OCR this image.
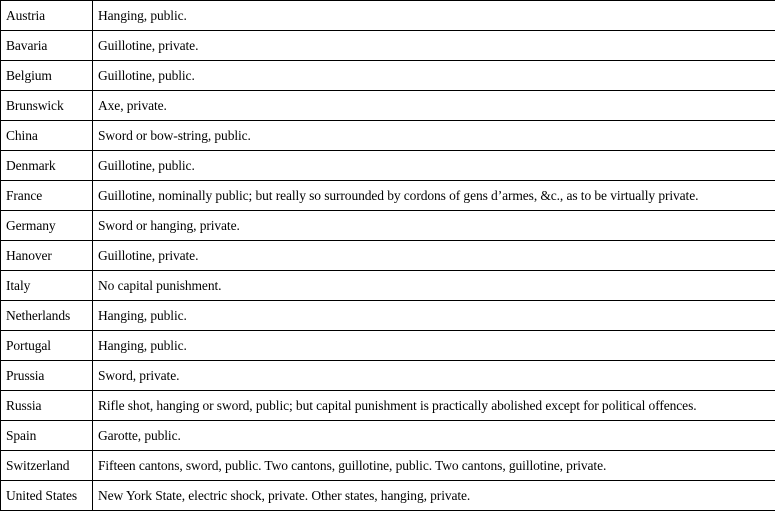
Austria	Hanging, public.
Bavaria	Guillotine, private.
Belgium	Guillotine, public.
Brunswick	Axe, private.
China	Sword or bow-string, public.
Denmark	Guillotine, public.
France	Guillotine, nominally public; but really so surrounded by cordons of gens d’armes, &c., as to be virtually private.
Germany	Sword or hanging, private.
Hanover	Guillotine, private.
Italy	No capital punishment.
Netherlands	Hanging, public.
Portugal	Hanging, public.
Prussia	Sword, private.
Russia	Rifle shot, hanging or sword, public; but capital punishment is practically abolished except for political offences.
Spain	Garotte, public.
Switzerland	Fifteen cantons, sword, public. Two cantons, guillotine, public. Two cantons, guillotine, private.
United States	New York State, electric shock, private. Other states, hanging, private.
